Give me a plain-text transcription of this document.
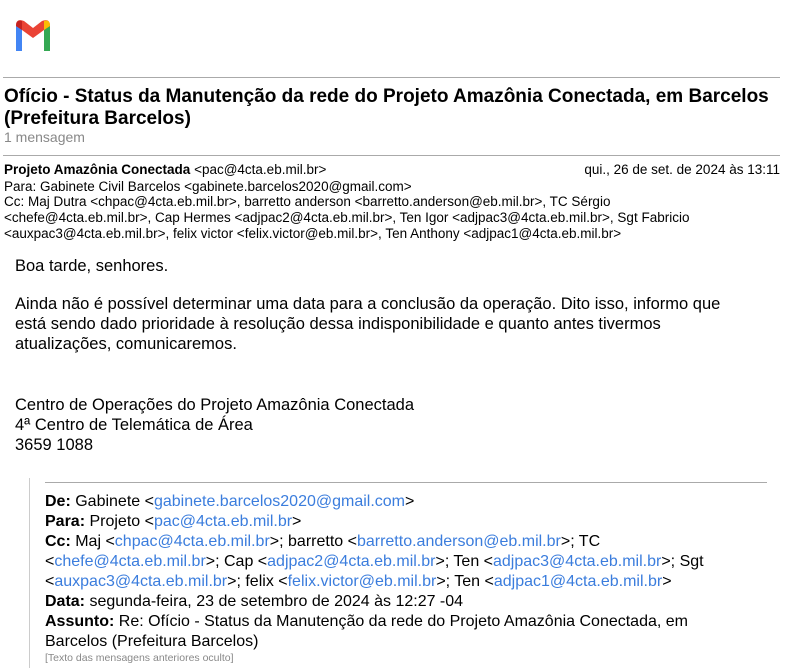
Ofício - Status da Manutenção da rede do Projeto Amazônia Conectada, em Barcelos (Prefeitura Barcelos)
1 mensagem
Projeto Amazônia Conectada <pac@4cta.eb.mil.br>	qui., 26 de set. de 2024 às 13:11
Para: Gabinete Civil Barcelos <gabinete.barcelos2020@gmail.com>
Cc: Maj Dutra <chpac@4cta.eb.mil.br>, barretto anderson <barretto.anderson@eb.mil.br>, TC Sérgio
<chefe@4cta.eb.mil.br>, Cap Hermes <adjpac2@4cta.eb.mil.br>, Ten Igor <adjpac3@4cta.eb.mil.br>, Sgt Fabricio
<auxpac3@4cta.eb.mil.br>, felix victor <felix.victor@eb.mil.br>, Ten Anthony <adjpac1@4cta.eb.mil.br>
Boa tarde, senhores.
Ainda não é possível determinar uma data para a conclusão da operação. Dito isso, informo que
está sendo dado prioridade à resolução dessa indisponibilidade e quanto antes tivermos
atualizações, comunicaremos.
Centro de Operações do Projeto Amazônia Conectada
4ª Centro de Telemática de Área
3659 1088
De: Gabinete <gabinete.barcelos2020@gmail.com>
Para: Projeto <pac@4cta.eb.mil.br>
Cc: Maj <chpac@4cta.eb.mil.br>; barretto <barretto.anderson@eb.mil.br>; TC
<chefe@4cta.eb.mil.br>; Cap <adjpac2@4cta.eb.mil.br>; Ten <adjpac3@4cta.eb.mil.br>; Sgt
<auxpac3@4cta.eb.mil.br>; felix <felix.victor@eb.mil.br>; Ten <adjpac1@4cta.eb.mil.br>
Data: segunda-feira, 23 de setembro de 2024 às 12:27 -04
Assunto: Re: Ofício - Status da Manutenção da rede do Projeto Amazônia Conectada, em
Barcelos (Prefeitura Barcelos)
[Texto das mensagens anteriores oculto]
